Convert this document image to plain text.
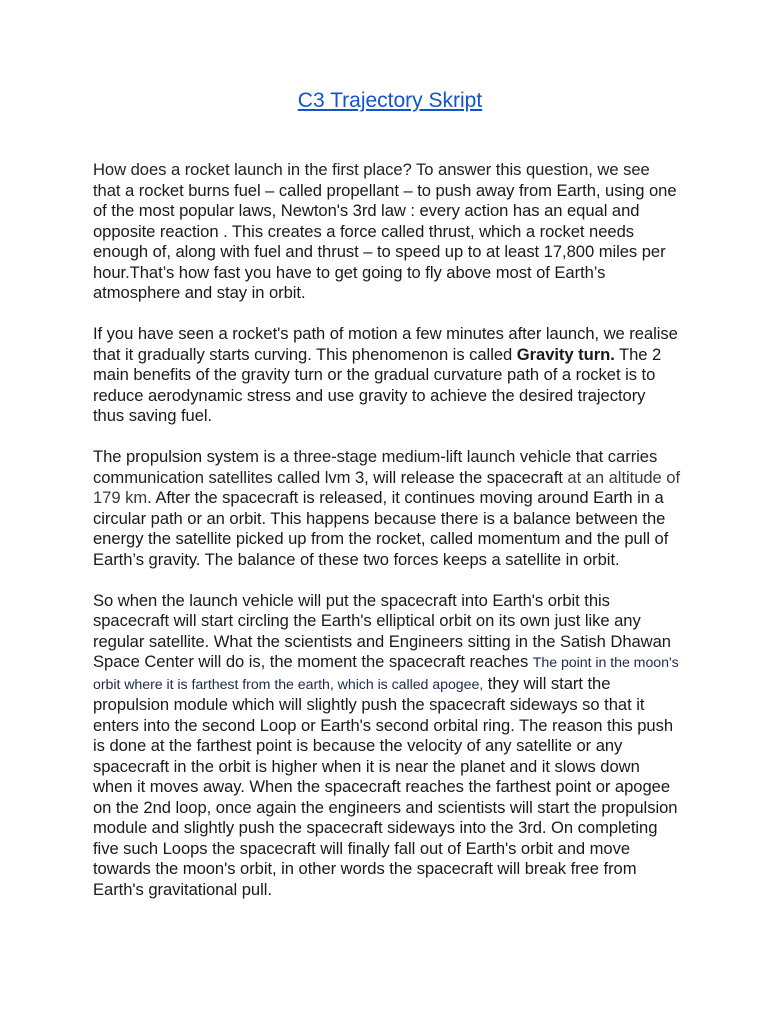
C3 Trajectory Skript

How does a rocket launch in the first place? To answer this question, we see that a rocket burns fuel – called propellant – to push away from Earth, using one of the most popular laws, Newton's 3rd law : every action has an equal and opposite reaction . This creates a force called thrust, which a rocket needs enough of, along with fuel and thrust – to speed up to at least 17,800 miles per hour.That’s how fast you have to get going to fly above most of Earth’s atmosphere and stay in orbit.

If you have seen a rocket's path of motion a few minutes after launch, we realise that it gradually starts curving. This phenomenon is called Gravity turn. The 2 main benefits of the gravity turn or the gradual curvature path of a rocket is to reduce aerodynamic stress and use gravity to achieve the desired trajectory thus saving fuel.

The propulsion system is a three-stage medium-lift launch vehicle that carries communication satellites called lvm 3, will release the spacecraft at an altitude of 179 km. After the spacecraft is released, it continues moving around Earth in a circular path or an orbit. This happens because there is a balance between the energy the satellite picked up from the rocket, called momentum and the pull of Earth’s gravity. The balance of these two forces keeps a satellite in orbit.

So when the launch vehicle will put the spacecraft into Earth's orbit this spacecraft will start circling the Earth's elliptical orbit on its own just like any regular satellite. What the scientists and Engineers sitting in the Satish Dhawan Space Center will do is, the moment the spacecraft reaches The point in the moon's orbit where it is farthest from the earth, which is called apogee, they will start the propulsion module which will slightly push the spacecraft sideways so that it enters into the second Loop or Earth's second orbital ring. The reason this push is done at the farthest point is because the velocity of any satellite or any spacecraft in the orbit is higher when it is near the planet and it slows down when it moves away. When the spacecraft reaches the farthest point or apogee on the 2nd loop, once again the engineers and scientists will start the propulsion module and slightly push the spacecraft sideways into the 3rd. On completing five such Loops the spacecraft will finally fall out of Earth's orbit and move towards the moon's orbit, in other words the spacecraft will break free from Earth's gravitational pull.
